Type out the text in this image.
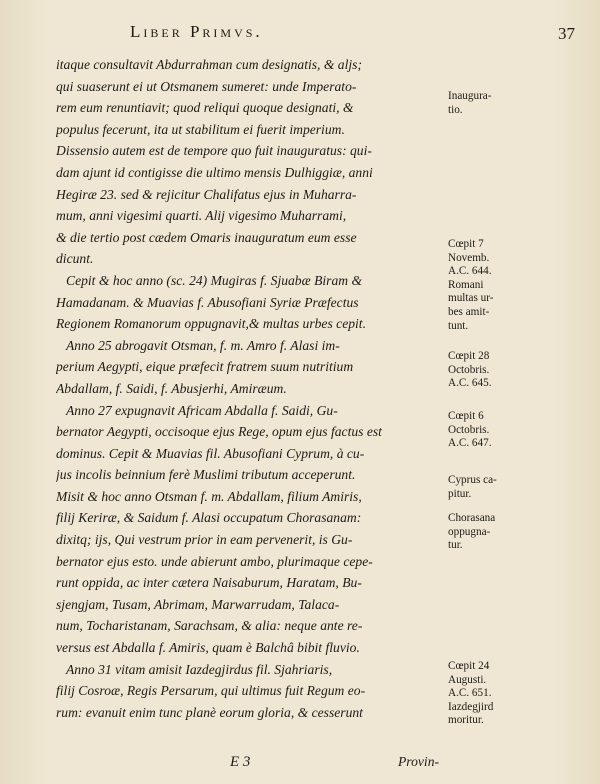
Liber Primvs.	37
itaque consultavit Abdurrahman cum designatis, & aljs;
qui suaserunt ei ut Otsmanem sumeret: unde Imperato-
rem eum renuntiavit; quod reliqui quoque designati, &
populus fecerunt, ita ut stabilitum ei fuerit imperium.
Dissensio autem est de tempore quo fuit inauguratus: qui-
dam ajunt id contigisse die ultimo mensis Dulhiggiæ, anni
Hegiræ 23. sed & rejicitur Chalifatus ejus in Muharra-
mum, anni vigesimi quarti. Alij vigesimo Muharrami,
& die tertio post cædem Omaris inauguratum eum esse
dicunt.
Cepit & hoc anno (sc. 24) Mugiras f. Sjuabæ Biram &
Hamadanam. & Muavias f. Abusofiani Syriæ Præfectus
Regionem Romanorum oppugnavit,& multas urbes cepit.
Anno 25 abrogavit Otsman, f. m. Amro f. Alasi im-
perium Aegypti, eique præfecit fratrem suum nutritium
Abdallam, f. Saidi, f. Abusjerhi, Amiræum.
Anno 27 expugnavit Africam Abdalla f. Saidi, Gu-
bernator Aegypti, occisoque ejus Rege, opum ejus factus est
dominus. Cepit & Muavias fil. Abusofiani Cyprum, à cu-
jus incolis beinnium ferè Muslimi tributum acceperunt.
Misit & hoc anno Otsman f. m. Abdallam, filium Amiris,
filij Keriræ, & Saidum f. Alasi occupatum Chorasanam:
dixitq; ijs, Qui vestrum prior in eam pervenerit, is Gu-
bernator ejus esto. unde abierunt ambo, plurimaque cepe-
runt oppida, ac inter cætera Naisaburum, Haratam, Bu-
sjengjam, Tusam, Abrimam, Marwarrudam, Talaca-
num, Tocharistanam, Sarachsam, & alia: neque ante re-
versus est Abdalla f. Amiris, quam è Balchâ bibit fluvio.
Anno 31 vitam amisit Iazdegjirdus fil. Sjahriaris,
filij Cosroæ, Regis Persarum, qui ultimus fuit Regum eo-
rum: evanuit enim tunc planè eorum gloria, & cesserunt
Inaugura-
tio.
Cœpit 7
Novemb.
A.C. 644.
Romani
multas ur-
bes amit-
tunt.
Cœpit 28
Octobris.
A.C. 645.
Cœpit 6
Octobris.
A.C. 647.
Cyprus ca-
pitur.
Chorasana
oppugna-
tur.
Cœpit 24
Augusti.
A.C. 651.
Iazdegjird
moritur.
E 3	Provin-
